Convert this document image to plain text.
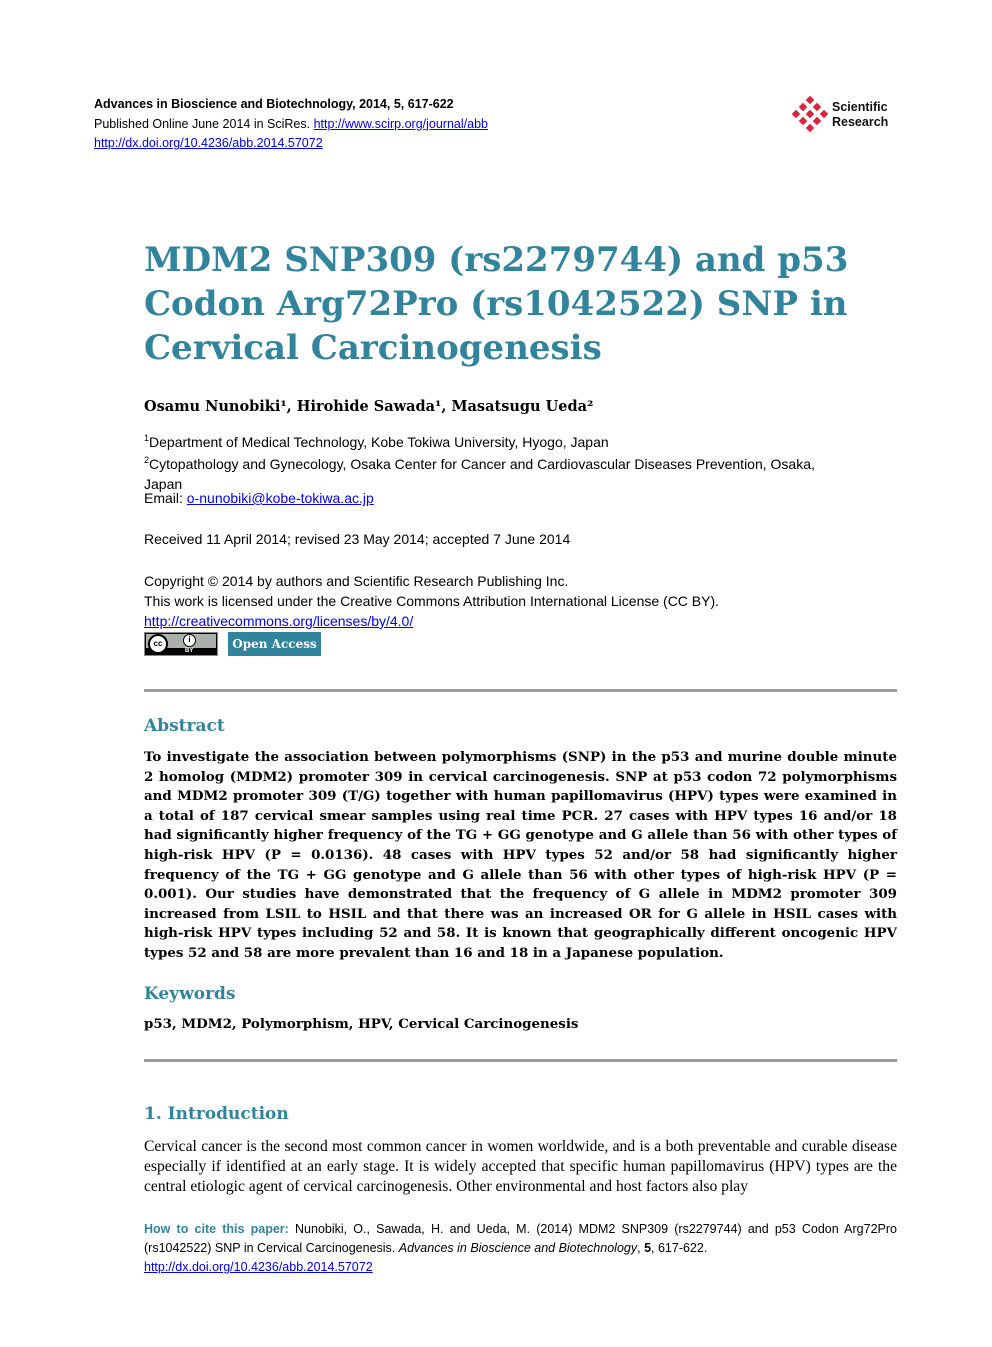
Advances in Bioscience and Biotechnology, 2014, 5, 617-622
Published Online June 2014 in SciRes. http://www.scirp.org/journal/abb
http://dx.doi.org/10.4236/abb.2014.57072
Scientific
Research
MDM2 SNP309 (rs2279744) and p53 Codon Arg72Pro (rs1042522) SNP in Cervical Carcinogenesis
Osamu Nunobiki¹, Hirohide Sawada¹, Masatsugu Ueda²
$^1$Department of Medical Technology, Kobe Tokiwa University, Hyogo, Japan
$^2$Cytopathology and Gynecology, Osaka Center for Cancer and Cardiovascular Diseases Prevention, Osaka, Japan
Email: o-nunobiki@kobe-tokiwa.ac.jp
Received 11 April 2014; revised 23 May 2014; accepted 7 June 2014
Copyright © 2014 by authors and Scientific Research Publishing Inc.
This work is licensed under the Creative Commons Attribution International License (CC BY).
http://creativecommons.org/licenses/by/4.0/
cc	i
BY	Open Access
Abstract

To investigate the association between polymorphisms (SNP) in the p53 and murine double minute 2 homolog (MDM2) promoter 309 in cervical carcinogenesis. SNP at p53 codon 72 polymorphisms and MDM2 promoter 309 (T/G) together with human papillomavirus (HPV) types were examined in a total of 187 cervical smear samples using real time PCR. 27 cases with HPV types 16 and/or 18 had significantly higher frequency of the TG + GG genotype and G allele than 56 with other types of high-risk HPV (P = 0.0136). 48 cases with HPV types 52 and/or 58 had significantly higher frequency of the TG + GG genotype and G allele than 56 with other types of high-risk HPV (P = 0.001). Our studies have demonstrated that the frequency of G allele in MDM2 promoter 309 increased from LSIL to HSIL and that there was an increased OR for G allele in HSIL cases with high-risk HPV types including 52 and 58. It is known that geographically different oncogenic HPV types 52 and 58 are more prevalent than 16 and 18 in a Japanese population.

Keywords
p53, MDM2, Polymorphism, HPV, Cervical Carcinogenesis
1. Introduction

Cervical cancer is the second most common cancer in women worldwide, and is a both preventable and curable disease especially if identified at an early stage. It is widely accepted that specific human papillomavirus (HPV) types are the central etiologic agent of cervical carcinogenesis. Other environmental and host factors also play

How to cite this paper: Nunobiki, O., Sawada, H. and Ueda, M. (2014) MDM2 SNP309 (rs2279744) and p53 Codon Arg72Pro (rs1042522) SNP in Cervical Carcinogenesis. Advances in Bioscience and Biotechnology, 5, 617-622.
http://dx.doi.org/10.4236/abb.2014.57072
